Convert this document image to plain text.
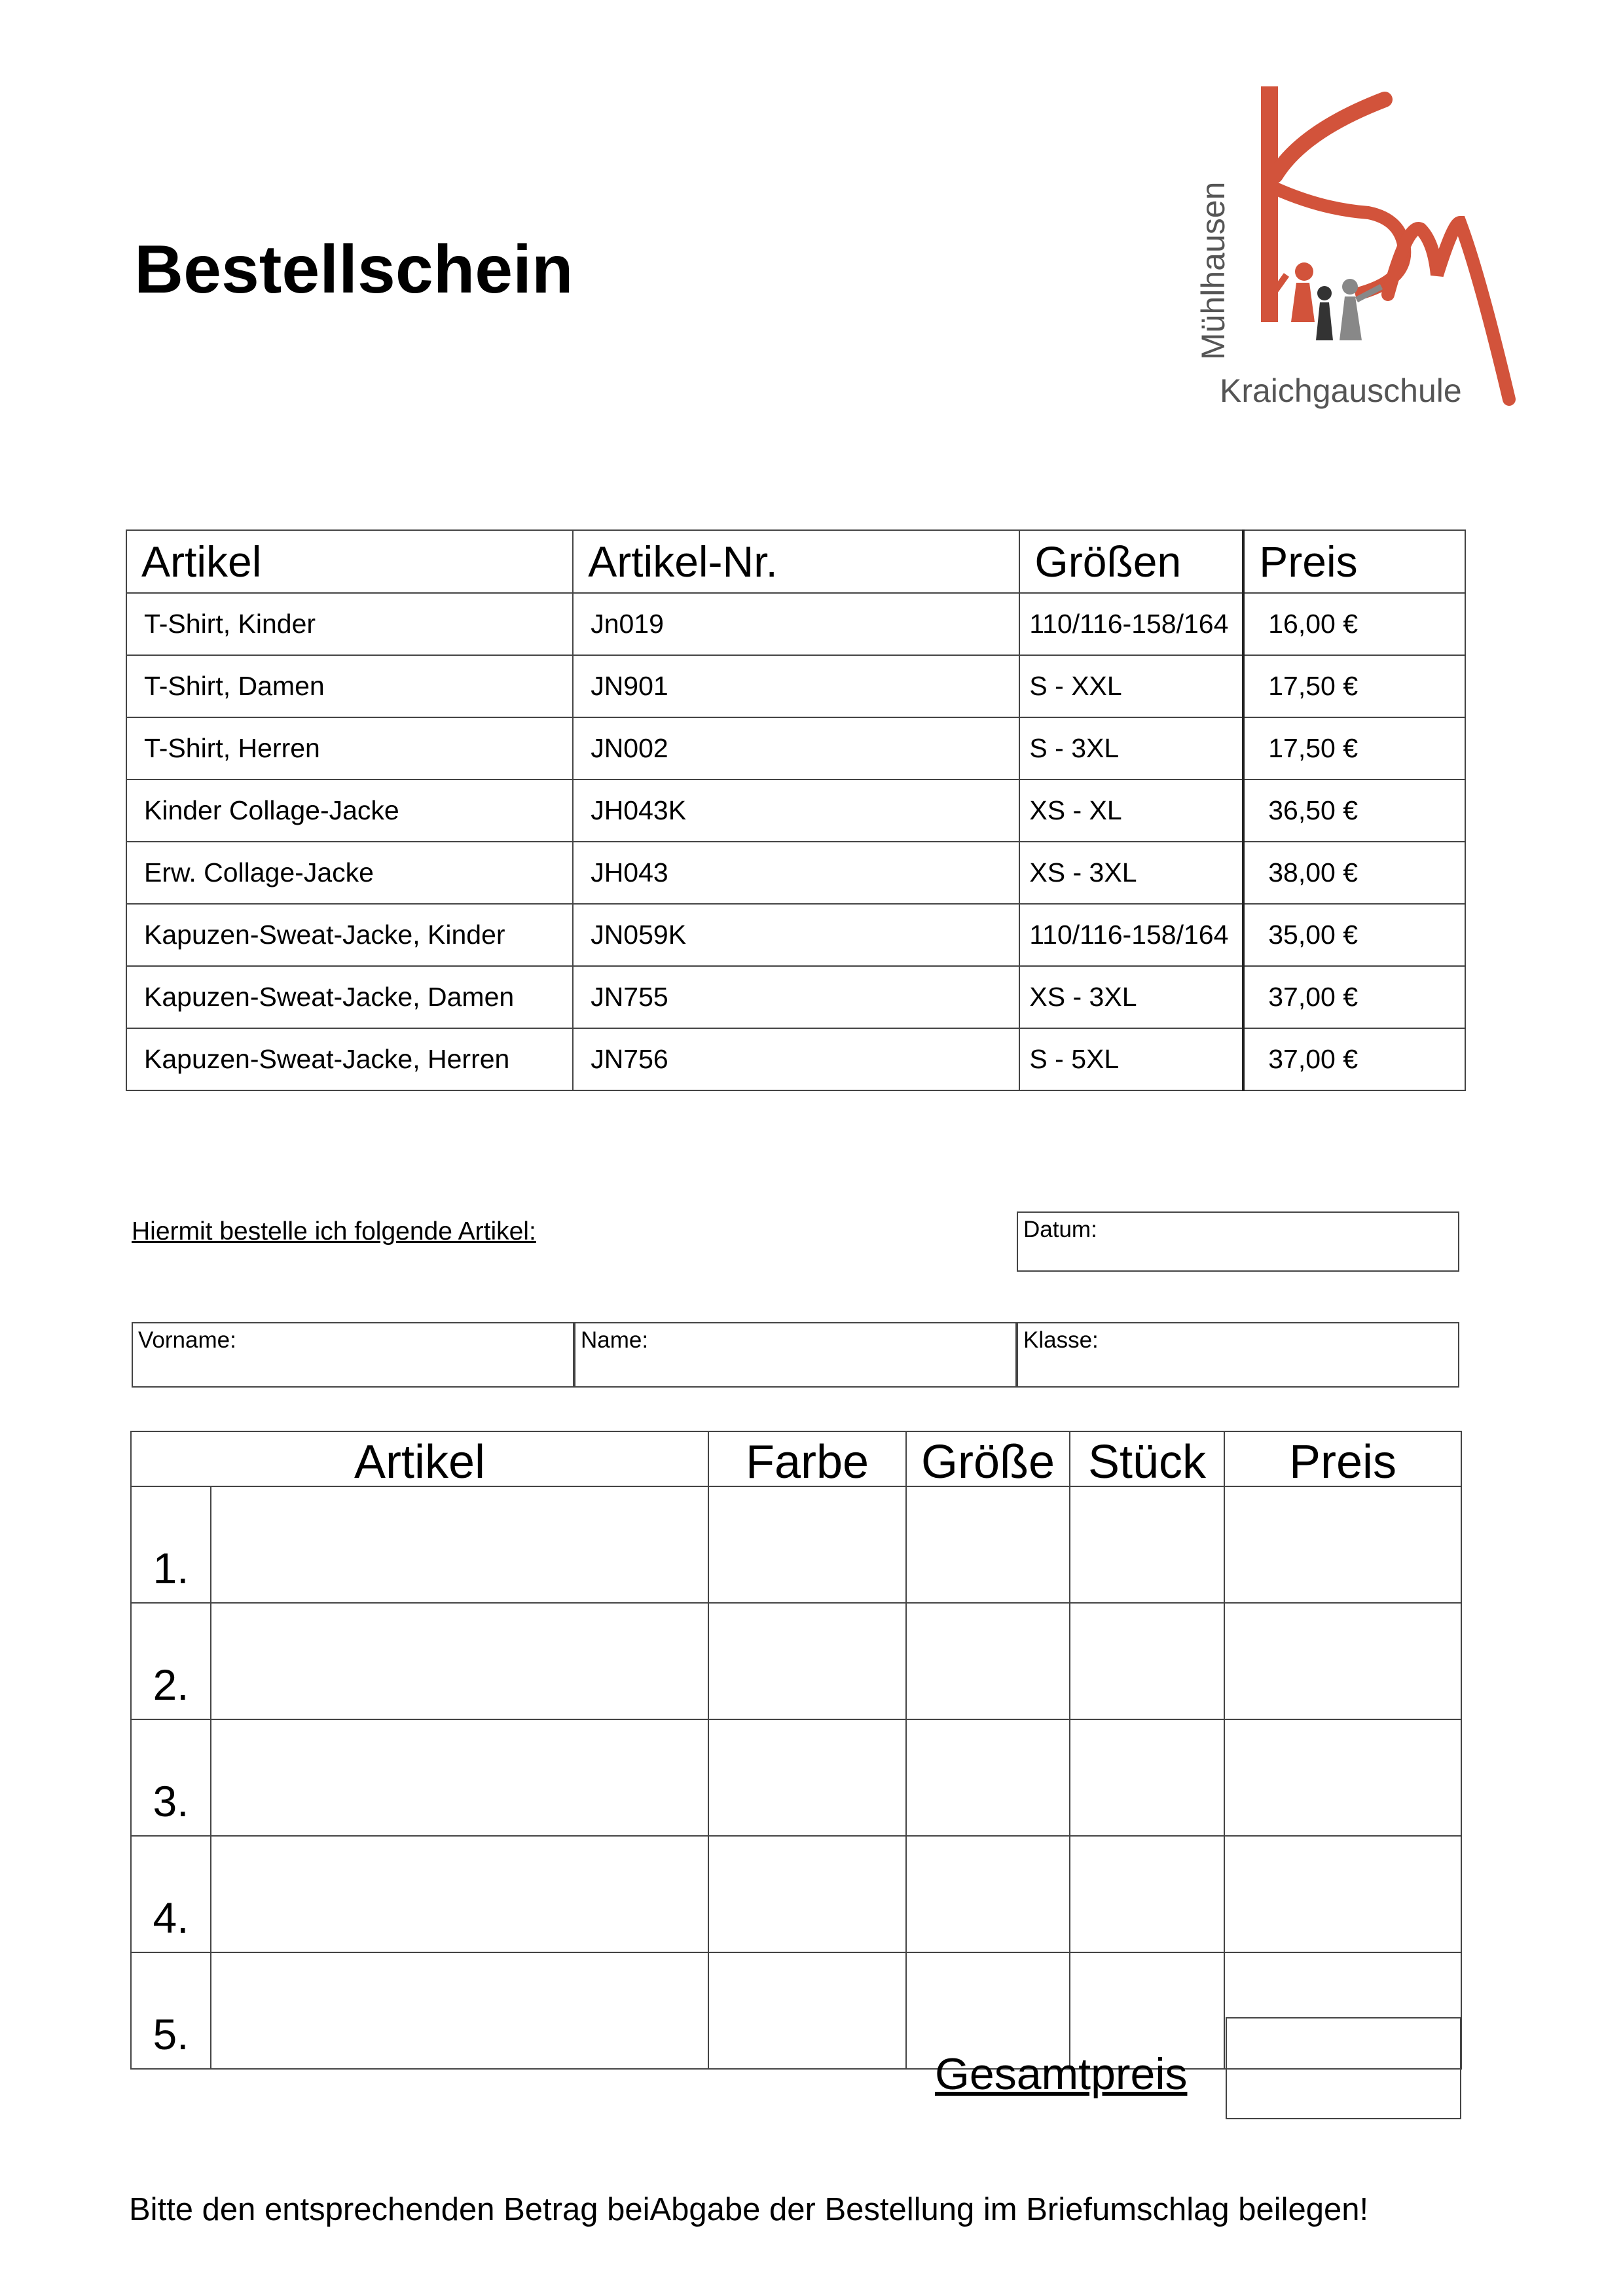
Bestellschein	Mühlhausen
Kraichgauschule
Artikel	Artikel-Nr.	Größen	Preis
T-Shirt, Kinder	Jn019	110/116-158/164	16,00 €
T-Shirt, Damen	JN901	S - XXL	17,50 €
T-Shirt, Herren	JN002	S - 3XL	17,50 €
Kinder Collage-Jacke	JH043K	XS - XL	36,50 €
Erw. Collage-Jacke	JH043	XS - 3XL	38,00 €
Kapuzen-Sweat-Jacke, Kinder	JN059K	110/116-158/164	35,00 €
Kapuzen-Sweat-Jacke, Damen	JN755	XS - 3XL	37,00 €
Kapuzen-Sweat-Jacke, Herren	JN756	S - 5XL	37,00 €
Hiermit bestelle ich folgende Artikel:	Datum:
Vorname:	Name:	Klasse:
Artikel		Farbe	Größe	Stück	Preis
1.					
2.					
3.					
4.					
5.					
Gesamtpreis
Bitte den entsprechenden Betrag beiAbgabe der Bestellung im Briefumschlag beilegen!
